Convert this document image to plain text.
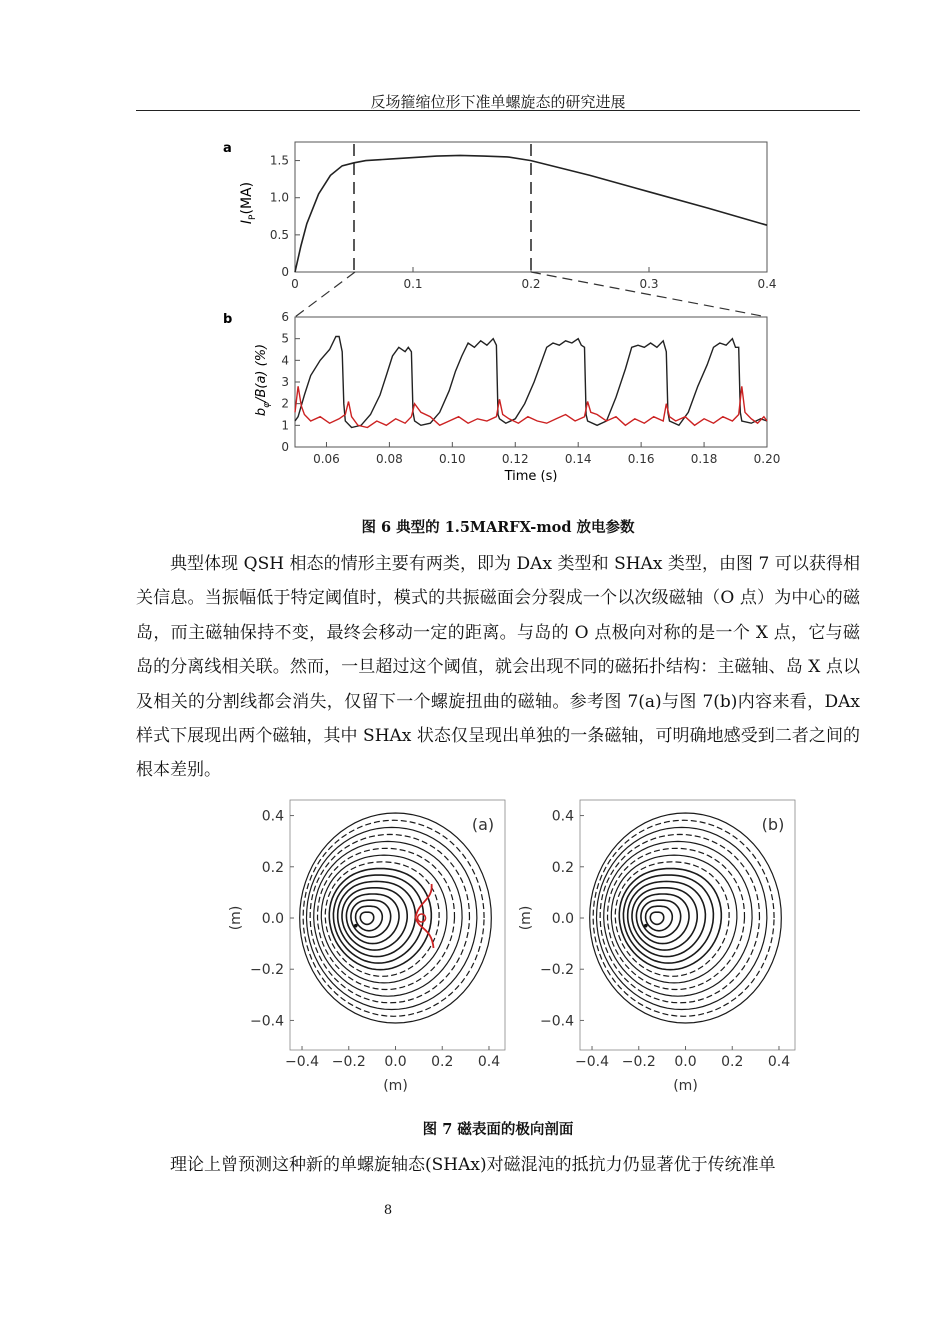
反场箍缩位形下准单螺旋态的研究进展
a
$I_P(MA)$
0	0.1	0.2	0.3	0.4
0
0.5
1.0
1.5
b
$b_\varphi/B(a)$ (%)
0.06	0.08	0.10	0.12	0.14	0.16	0.18	0.20
0
1
2
3
4
5
6
Time (s)
图 6 典型的 1.5MARFX-mod 放电参数
典型体现 QSH 相态的情形主要有两类，即为 DAx 类型和 SHAx 类型，由图 7 可以获得相关信息。当振幅低于特定阈值时，模式的共振磁面会分裂成一个以次级磁轴（O 点）为中心的磁岛，而主磁轴保持不变，最终会移动一定的距离。与岛的 O 点极向对称的是一个 X 点，它与磁岛的分离线相关联。然而，一旦超过这个阈值，就会出现不同的磁拓扑结构：主磁轴、岛 X 点以及相关的分割线都会消失，仅留下一个螺旋扭曲的磁轴。参考图 7(a)与图 7(b)内容来看，DAx 样式下展现出两个磁轴，其中 SHAx 状态仅呈现出单独的一条磁轴，可明确地感受到二者之间的根本差别。
−0.4 −0.2 0.0 0.2 0.4
0.4
0.2
0.0
−0.2
−0.4
(m)
(m)
(a)
−0.4 −0.2 0.0 0.2 0.4
0.4
0.2
0.0
−0.2
−0.4
(m)
(m)
(b)
图 7 磁表面的极向剖面
理论上曾预测这种新的单螺旋轴态(SHAx)对磁混沌的抵抗力仍显著优于传统准单
8
